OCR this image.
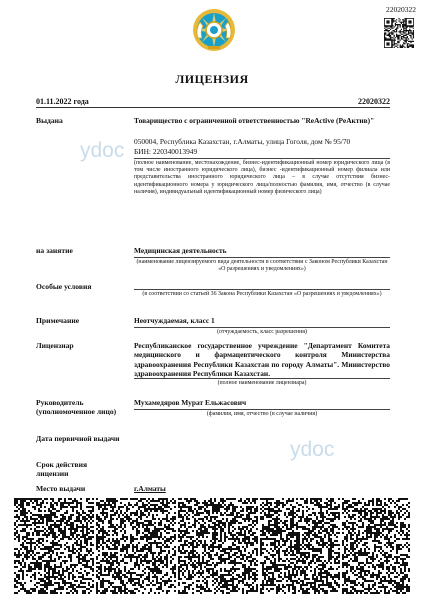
22020322
ЛИЦЕНЗИЯ
01.11.2022 года	22020322
ydoc
ydoc
Выдана	Товарищество с ограниченной ответственностью "ReActive (РеАктив)"
050004, Республика Казахстан, г.Алматы, улица Гоголя, дом № 95/70
БИН: 220340013949
(полное наименование, местонахождение, бизнес-идентификационный номер юридического лица (в том числе иностранного юридического лица), бизнес -идентификационный номер филиала или представительства иностранного юридического лица – в случае отсутствия бизнес-идентификационного номера у юридического лица/полностью фамилия, имя, отчество (в случае наличия), индивидуальный идентификационный номер физического лица)
на занятие	Медицинская деятельность
(наименование лицензируемого вида деятельности в соответствии с Законом Республики Казахстан «О разрешениях и уведомлениях»)
Особые условия
(в соответствии со статьей 36 Закона Республики Казахстан «О разрешениях и уведомлениях»)
Примечание	Неотчуждаемая, класс 1
(отчуждаемость, класс разрешения)
Лицензиар	Республиканское государственное учреждение "Департамент Комитета медицинского и фармацевтического контроля Министерства здравоохранения Республики Казахстан по городу Алматы". Министерство здравоохранения Республики Казахстан.
(полное наименование лицензиара)
Руководитель
(уполномоченное лицо)
Мухамедяров Мурат Ельжасович
(фамилия, имя, отчество (в случае наличия)
Дата первичной выдачи
Срок действия
лицензии
Место выдачи	г.Алматы
